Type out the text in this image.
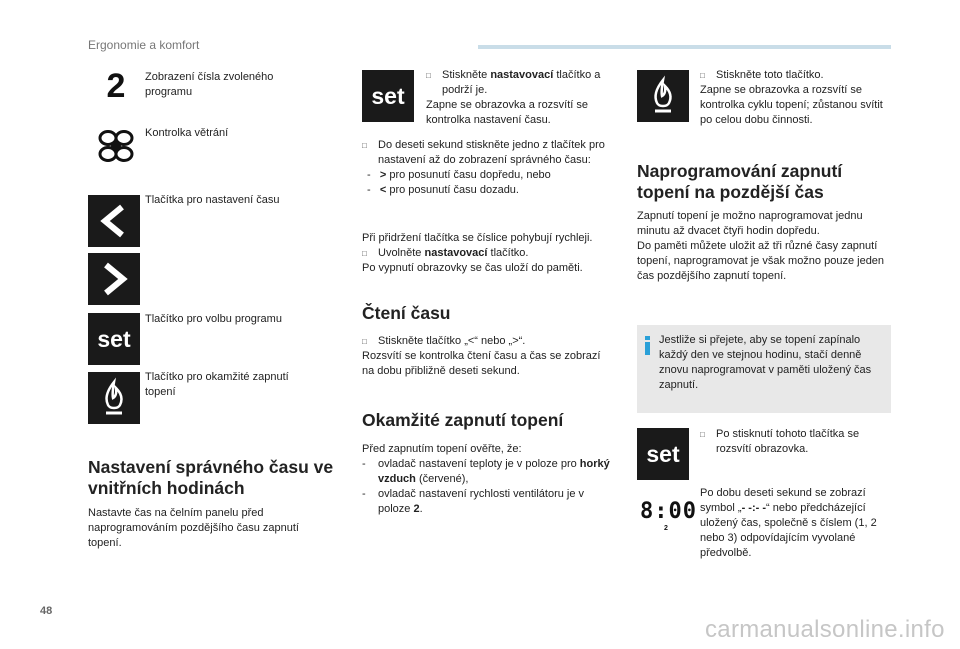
Ergonomie a komfort
2 Zobrazení čísla zvoleného programu
Kontrolka větrání
Tlačítka pro nastavení času
set
Tlačítko pro volbu programu
Tlačítko pro okamžité zapnutí topení
Nastavení správného času ve vnitřních hodinách

Nastavte čas na čelním panelu před naprogramováním pozdějšího času zapnutí topení.

set
□ Stiskněte nastavovací tlačítko a podrží je.
Zapne se obrazovka a rozsvítí se kontrolka nastavení času.
□ Do deseti sekund stiskněte jedno z tlačítek pro nastavení až do zobrazení správného času:
-   > pro posunutí času dopředu, nebo
-   < pro posunutí času dozadu.
Při přidržení tlačítka se číslice pohybují rychleji.
□ Uvolněte nastavovací tlačítko.
Po vypnutí obrazovky se čas uloží do paměti.
Čtení času
□ Stiskněte tlačítko „<“ nebo „>“.
Rozsvítí se kontrolka čtení času a čas se zobrazí na dobu přibližně deseti sekund.
Okamžité zapnutí topení
Před zapnutím topení ověřte, že:
-	ovladač nastavení teploty je v poloze pro horký vzduch (červené),
-	ovladač nastavení rychlosti ventilátoru je v poloze 2.
□ Stiskněte toto tlačítko.
Zapne se obrazovka a rozsvítí se kontrolka cyklu topení; zůstanou svítit po celou dobu činnosti.
Naprogramování zapnutí topení na pozdější čas
Zapnutí topení je možno naprogramovat jednu minutu až dvacet čtyři hodin dopředu.
Do paměti můžete uložit až tři různé časy zapnutí topení, naprogramovat je však možno pouze jeden čas pozdějšího zapnutí topení.
Jestliže si přejete, aby se topení zapínalo každý den ve stejnou hodinu, stačí denně znovu naprogramovat v paměti uložený čas zapnutí.
set
□ Po stisknutí tohoto tlačítka se rozsvítí obrazovka.
8:00
2
Po dobu deseti sekund se zobrazí symbol „- -:- -“ nebo předcházející uložený čas, společně s číslem (1, 2 nebo 3) odpovídajícím vyvolané předvolbě.
48
carmanualsonline.info
